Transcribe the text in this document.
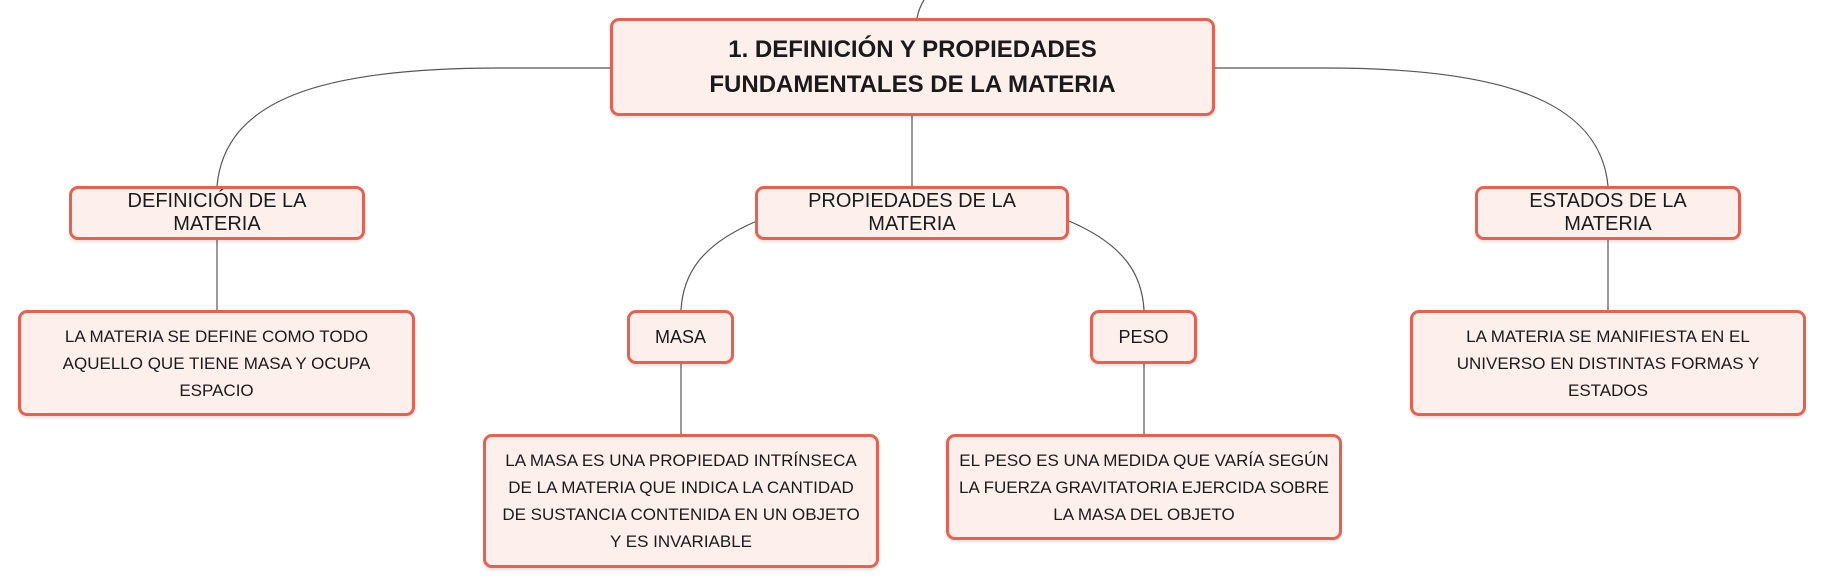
1. DEFINICIÓN Y PROPIEDADES FUNDAMENTALES DE LA MATERIA
DEFINICIÓN DE LA MATERIA
PROPIEDADES DE LA MATERIA
ESTADOS DE LA MATERIA
LA MATERIA SE DEFINE COMO TODO AQUELLO QUE TIENE MASA Y OCUPA ESPACIO
MASA	PESO	LA MATERIA SE MANIFIESTA EN EL UNIVERSO EN DISTINTAS FORMAS Y ESTADOS
LA MASA ES UNA PROPIEDAD INTRÍNSECA DE LA MATERIA QUE INDICA LA CANTIDAD DE SUSTANCIA CONTENIDA EN UN OBJETO Y ES INVARIABLE
EL PESO ES UNA MEDIDA QUE VARÍA SEGÚN LA FUERZA GRAVITATORIA EJERCIDA SOBRE LA MASA DEL OBJETO
